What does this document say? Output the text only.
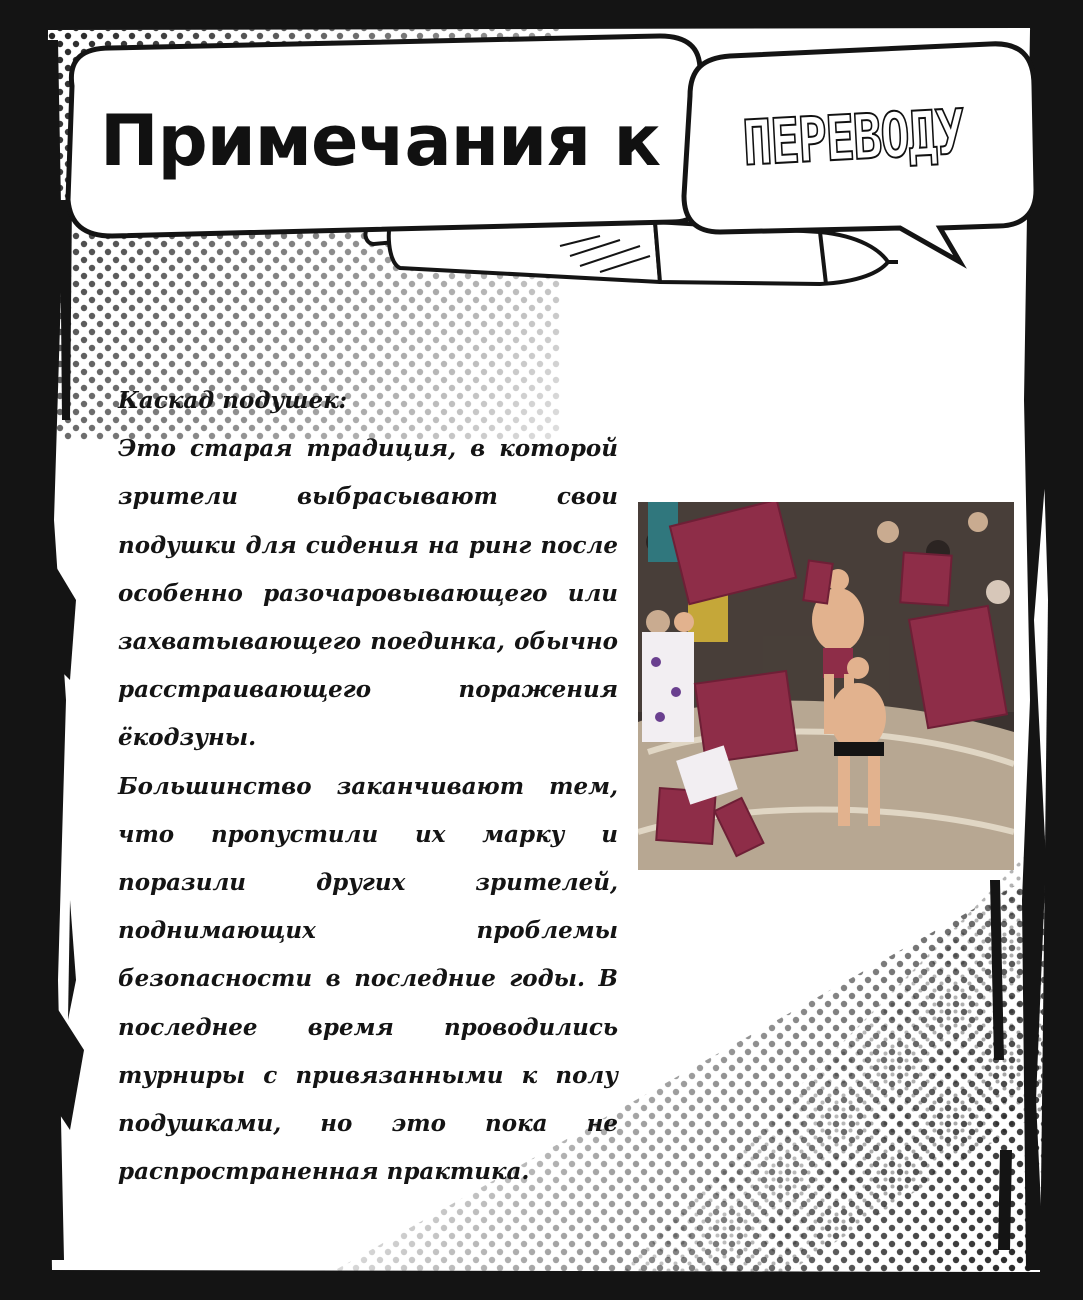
Примечания к	ПЕРЕВОДУ

Каскад подушек:

Это старая традиция, в которой зрители выбрасывают свои подушки для сидения на ринг после особенно разочаровывающего или захватывающего поединка, обычно расстраивающего поражения ёкодзуны.

Большинство заканчивают тем, что пропустили их марку и поразили других зрителей, поднимающих проблемы безопасности в последние годы. В последнее время проводились турниры с привязанными к полу подушками, но это пока не распространенная практика.
